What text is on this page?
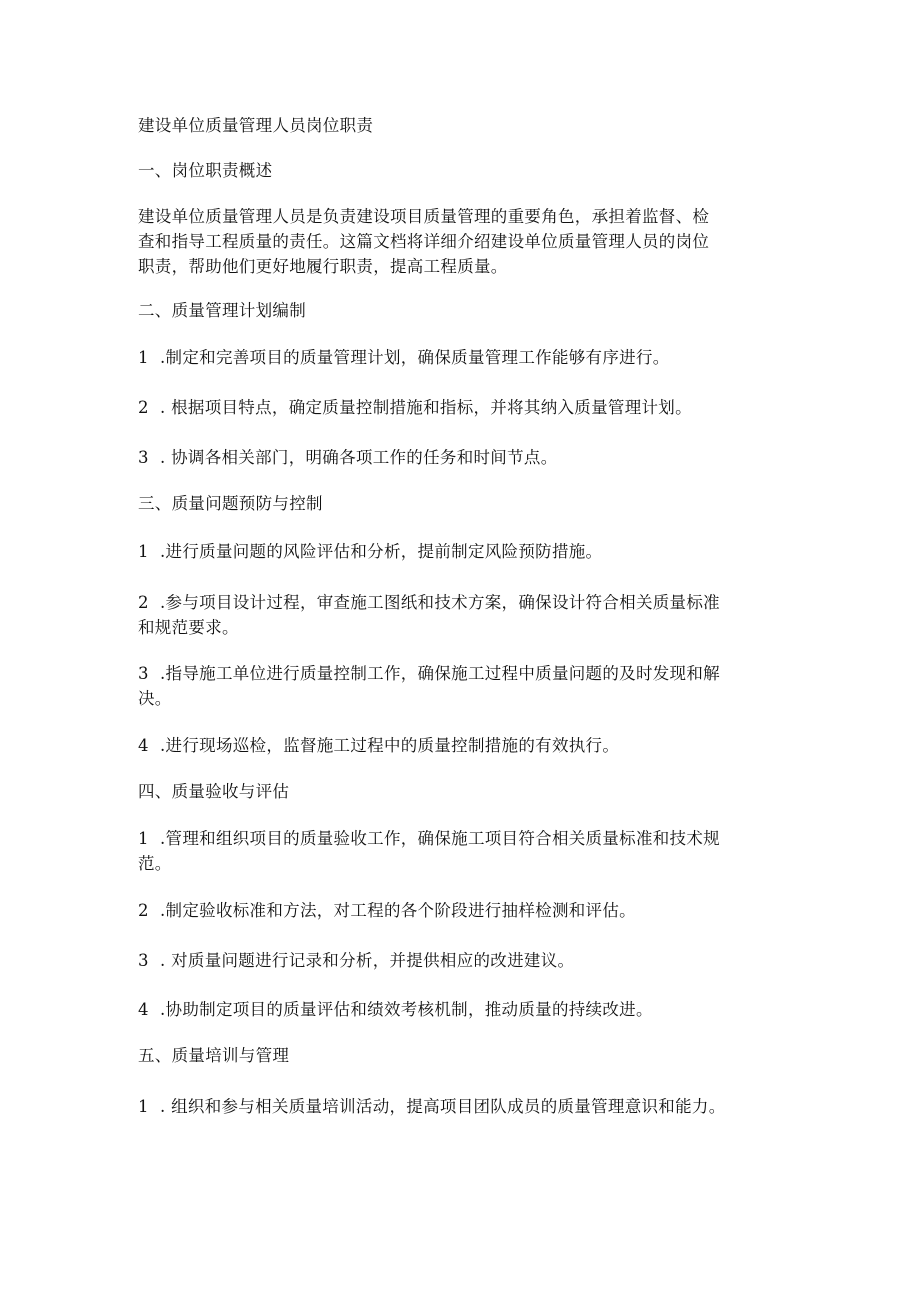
建设单位质量管理人员岗位职责
一、岗位职责概述
建设单位质量管理人员是负责建设项目质量管理的重要角色，承担着监督、检
查和指导工程质量的责任。这篇文档将详细介绍建设单位质量管理人员的岗位
职责，帮助他们更好地履行职责，提高工程质量。
二、质量管理计划编制
1 .制定和完善项目的质量管理计划，确保质量管理工作能够有序进行。
2 . 根据项目特点，确定质量控制措施和指标，并将其纳入质量管理计划。
3 . 协调各相关部门，明确各项工作的任务和时间节点。
三、质量问题预防与控制
1 .进行质量问题的风险评估和分析，提前制定风险预防措施。
2 .参与项目设计过程，审查施工图纸和技术方案，确保设计符合相关质量标准
和规范要求。
3 .指导施工单位进行质量控制工作，确保施工过程中质量问题的及时发现和解
决。
4 .进行现场巡检，监督施工过程中的质量控制措施的有效执行。
四、质量验收与评估
1 .管理和组织项目的质量验收工作，确保施工项目符合相关质量标准和技术规
范。
2 .制定验收标准和方法，对工程的各个阶段进行抽样检测和评估。
3 . 对质量问题进行记录和分析，并提供相应的改进建议。
4 .协助制定项目的质量评估和绩效考核机制，推动质量的持续改进。
五、质量培训与管理
1 . 组织和参与相关质量培训活动，提高项目团队成员的质量管理意识和能力。
